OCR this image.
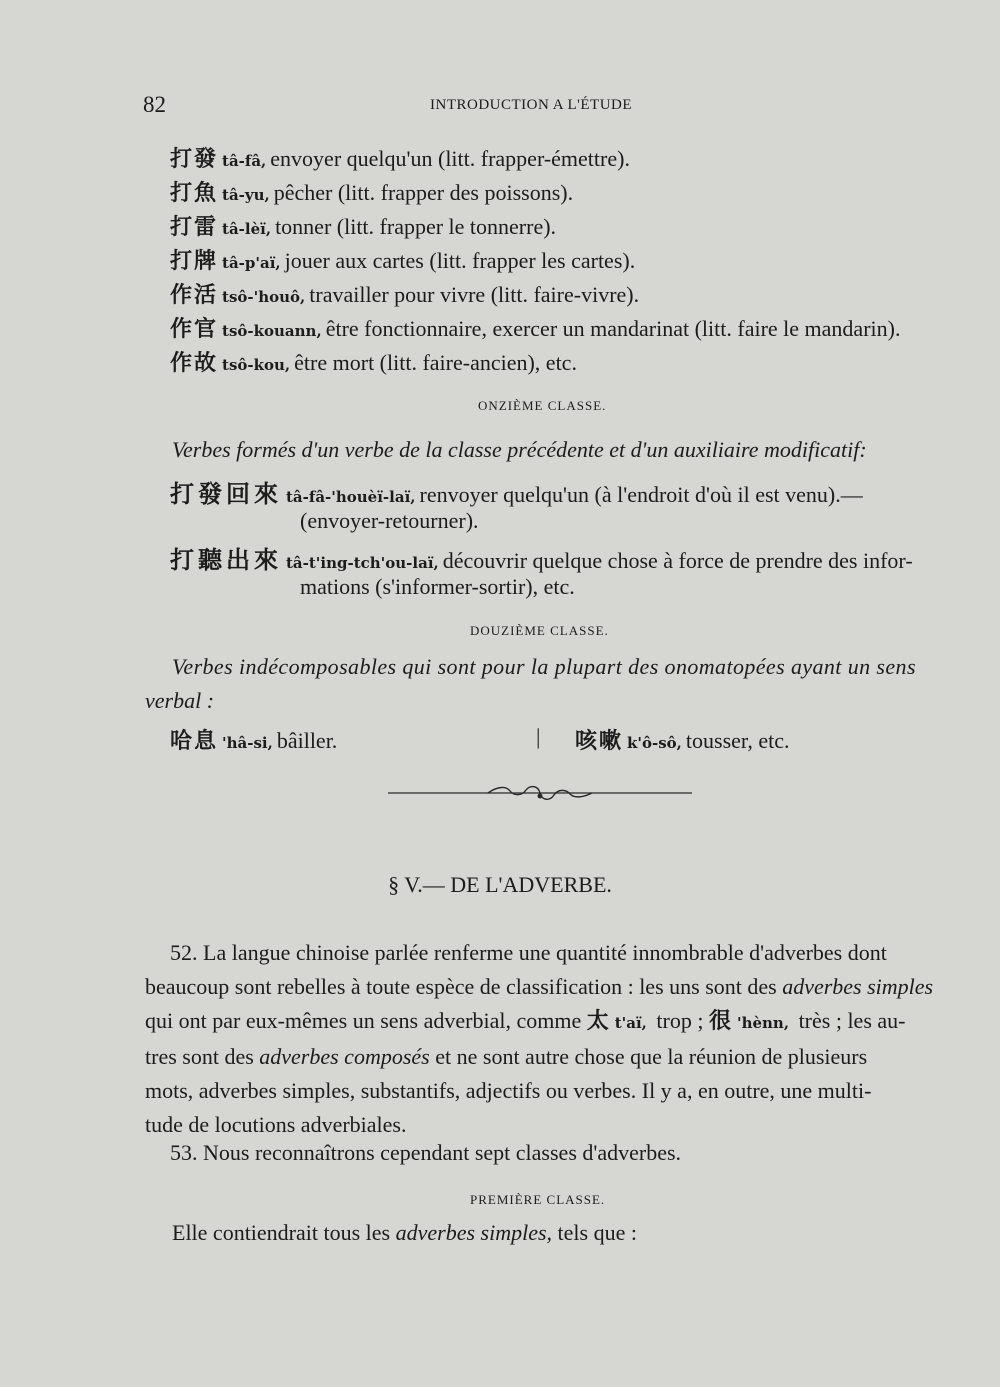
82	INTRODUCTION A L'ÉTUDE
打發 tâ-fâ, envoyer quelqu'un (litt. frapper-émettre).
打魚 tâ-yu, pêcher (litt. frapper des poissons).
打雷 tâ-lèï, tonner (litt. frapper le tonnerre).
打牌 tâ-p'aï, jouer aux cartes (litt. frapper les cartes).
作活 tsô-'houô, travailler pour vivre (litt. faire-vivre).
作官 tsô-kouann, être fonctionnaire, exercer un mandarinat (litt. faire le mandarin).
作故 tsô-kou, être mort (litt. faire-ancien), etc.
ONZIÈME CLASSE.
Verbes formés d'un verbe de la classe précédente et d'un auxiliaire modificatif:
打發回來 tâ-fâ-'houèï-laï, renvoyer quelqu'un (à l'endroit d'où il est venu).—
(envoyer-retourner).
打聽出來 tâ-t'ing-tch'ou-laï, découvrir quelque chose à force de prendre des infor-
mations (s'informer-sortir), etc.
DOUZIÈME CLASSE.
Verbes indécomposables qui sont pour la plupart des onomatopées ayant un sens
verbal :
哈息 'hâ-si, bâiller.	| 咳嗽 k'ô-sô, tousser, etc.
§ V.— DE L'ADVERBE.
52. La langue chinoise parlée renferme une quantité innombrable d'adverbes dont
beaucoup sont rebelles à toute espèce de classification : les uns sont des adverbes simples
qui ont par eux-mêmes un sens adverbial, comme 太 t'aï, trop ; 很 'hènn, très ; les au-
tres sont des adverbes composés et ne sont autre chose que la réunion de plusieurs
mots, adverbes simples, substantifs, adjectifs ou verbes. Il y a, en outre, une multi-
tude de locutions adverbiales.
53. Nous reconnaîtrons cependant sept classes d'adverbes.
PREMIÈRE CLASSE.
Elle contiendrait tous les adverbes simples, tels que :
